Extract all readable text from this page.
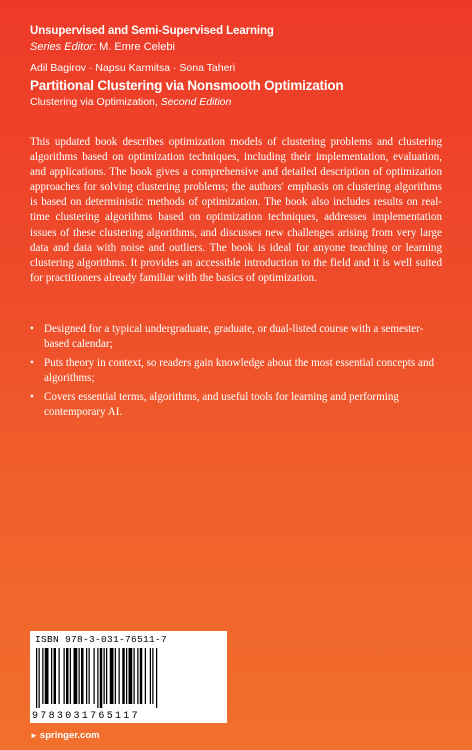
Unsupervised and Semi-Supervised Learning
Series Editor: M. Emre Celebi
Adil Bagirov · Napsu Karmitsa · Sona Taheri
Partitional Clustering via Nonsmooth Optimization
Clustering via Optimization, Second Edition

This updated book describes optimization models of clustering problems and clustering algorithms based on optimization techniques, including their implementation, evaluation, and applications. The book gives a comprehensive and detailed description of optimization approaches for solving clustering problems; the authors' emphasis on clustering algorithms is based on deterministic methods of optimization. The book also includes results on real-time clustering algorithms based on optimization techniques, addresses implementation issues of these clustering algorithms, and discusses new challenges arising from very large data and data with noise and outliers. The book is ideal for anyone teaching or learning clustering algorithms. It provides an accessible introduction to the field and it is well suited for practitioners already familiar with the basics of optimization.

• Designed for a typical undergraduate, graduate, or dual-listed course with a semester-based calendar;
• Puts theory in context, so readers gain knowledge about the most essential concepts and algorithms;
• Covers essential terms, algorithms, and useful tools for learning and performing contemporary AI.
ISBN 978-3-031-76511-7
9783031765117
► springer.com
